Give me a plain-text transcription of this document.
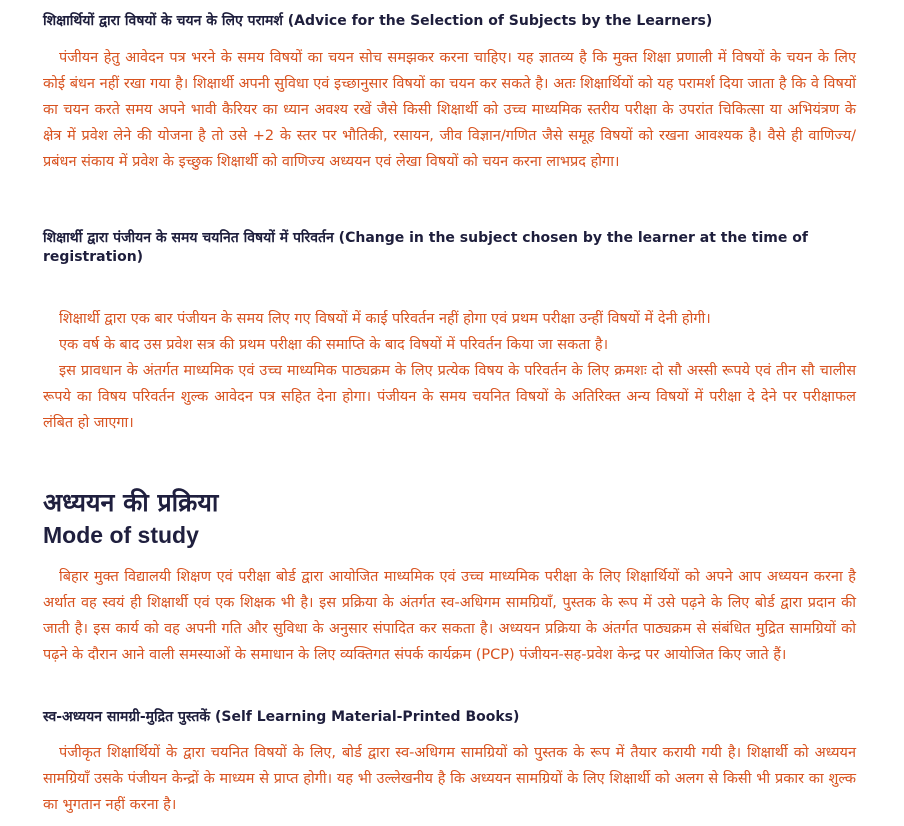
शिक्षार्थियों द्वारा विषयों के चयन के लिए परामर्श (Advice for the Selection of Subjects by the Learners)

पंजीयन हेतु आवेदन पत्र भरने के समय विषयों का चयन सोच समझकर करना चाहिए। यह ज्ञातव्य है कि मुक्त शिक्षा प्रणाली में विषयों के चयन के लिए कोई बंधन नहीं रखा गया है। शिक्षार्थी अपनी सुविधा एवं इच्छानुसार विषयों का चयन कर सकते है। अतः शिक्षार्थियों को यह परामर्श दिया जाता है कि वे विषयों का चयन करते समय अपने भावी कैरियर का ध्यान अवश्य रखें जैसे किसी शिक्षार्थी को उच्च माध्यमिक स्तरीय परीक्षा के उपरांत चिकित्सा या अभियंत्रण के क्षेत्र में प्रवेश लेने की योजना है तो उसे +2 के स्तर पर भौतिकी, रसायन, जीव विज्ञान/गणित जैसे समूह विषयों को रखना आवश्यक है। वैसे ही वाणिज्य/प्रबंधन संकाय में प्रवेश के इच्छुक शिक्षार्थी को वाणिज्य अध्ययन एवं लेखा विषयों को चयन करना लाभप्रद होगा।

शिक्षार्थी द्वारा पंजीयन के समय चयनित विषयों में परिवर्तन (Change in the subject chosen by the learner at the time of registration)

शिक्षार्थी द्वारा एक बार पंजीयन के समय लिए गए विषयों में काई परिवर्तन नहीं होगा एवं प्रथम परीक्षा उन्हीं विषयों में देनी होगी।

एक वर्ष के बाद उस प्रवेश सत्र की प्रथम परीक्षा की समाप्ति के बाद विषयों में परिवर्तन किया जा सकता है।

इस प्रावधान के अंतर्गत माध्यमिक एवं उच्च माध्यमिक पाठ्यक्रम के लिए प्रत्येक विषय के परिवर्तन के लिए क्रमशः दो सौ अस्सी रूपये एवं तीन सौ चालीस रूपये का विषय परिवर्तन शुल्क आवेदन पत्र सहित देना होगा। पंजीयन के समय चयनित विषयों के अतिरिक्त अन्य विषयों में परीक्षा दे देने पर परीक्षाफल लंबित हो जाएगा।

अध्ययन की प्रक्रिया
Mode of study

बिहार मुक्त विद्यालयी शिक्षण एवं परीक्षा बोर्ड द्वारा आयोजित माध्यमिक एवं उच्च माध्यमिक परीक्षा के लिए शिक्षार्थियों को अपने आप अध्ययन करना है अर्थात वह स्वयं ही शिक्षार्थी एवं एक शिक्षक भी है। इस प्रक्रिया के अंतर्गत स्व-अधिगम सामग्रियाँ, पुस्तक के रूप में उसे पढ़ने के लिए बोर्ड द्वारा प्रदान की जाती है। इस कार्य को वह अपनी गति और सुविधा के अनुसार संपादित कर सकता है। अध्ययन प्रक्रिया के अंतर्गत पाठ्यक्रम से संबंधित मुद्रित सामग्रियों को पढ़ने के दौरान आने वाली समस्याओं के समाधान के लिए व्यक्तिगत संपर्क कार्यक्रम (PCP) पंजीयन-सह-प्रवेश केन्द्र पर आयोजित किए जाते हैं।

स्व-अध्ययन सामग्री-मुद्रित पुस्तकें (Self Learning Material-Printed Books)

पंजीकृत शिक्षार्थियों के द्वारा चयनित विषयों के लिए, बोर्ड द्वारा स्व-अधिगम सामग्रियों को पुस्तक के रूप में तैयार करायी गयी है। शिक्षार्थी को अध्ययन सामग्रियाँ उसके पंजीयन केन्द्रों के माध्यम से प्राप्त होगी। यह भी उल्लेखनीय है कि अध्ययन सामग्रियों के लिए शिक्षार्थी को अलग से किसी भी प्रकार का शुल्क का भुगतान नहीं करना है।
